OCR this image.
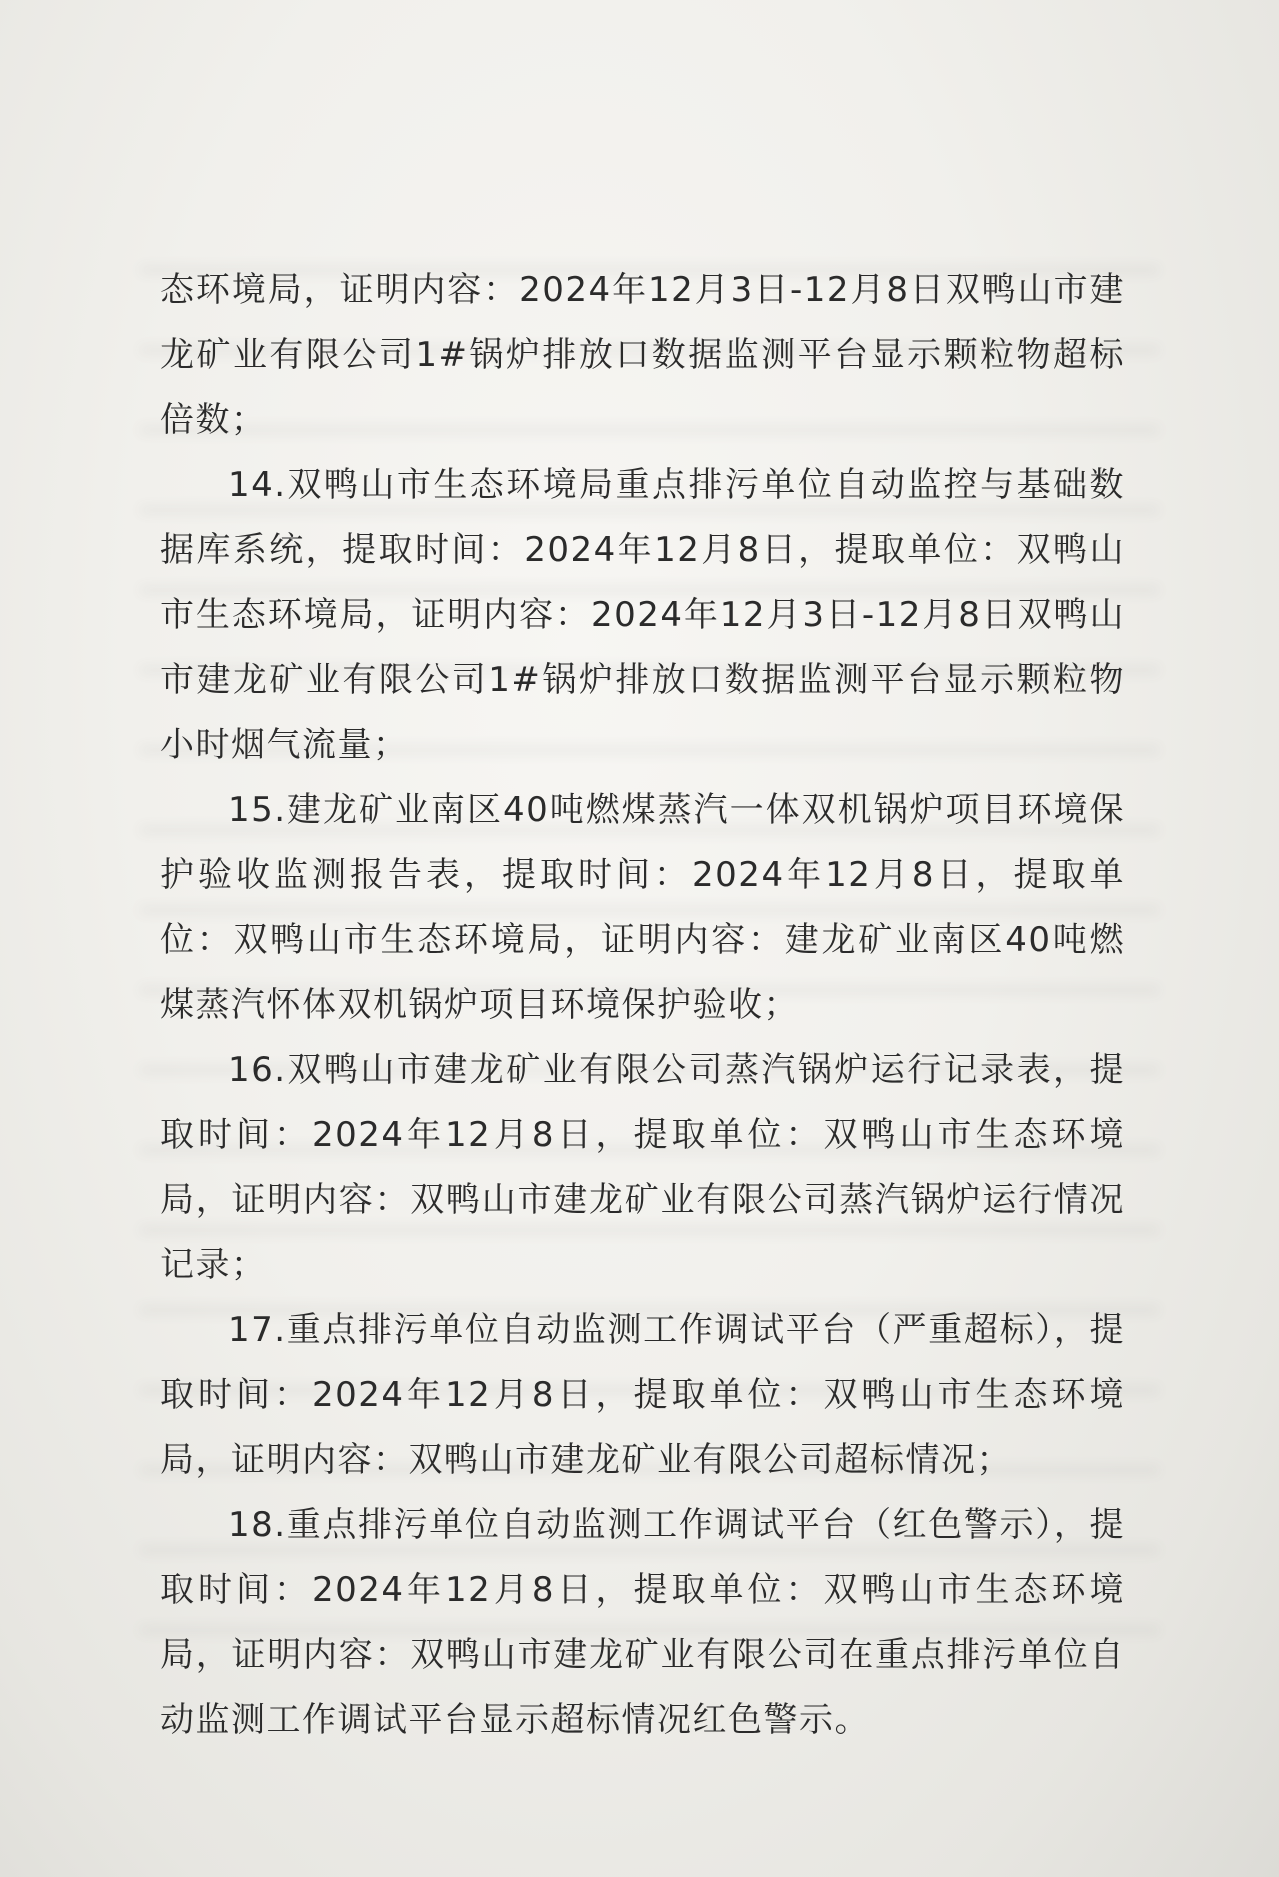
态环境局，证明内容：2024年12月3日-12月8日双鸭山市建龙矿业有限公司1#锅炉排放口数据监测平台显示颗粒物超标倍数；

14.双鸭山市生态环境局重点排污单位自动监控与基础数据库系统，提取时间：2024年12月8日，提取单位：双鸭山市生态环境局，证明内容：2024年12月3日-12月8日双鸭山市建龙矿业有限公司1#锅炉排放口数据监测平台显示颗粒物小时烟气流量；

15.建龙矿业南区40吨燃煤蒸汽一体双机锅炉项目环境保护验收监测报告表，提取时间：2024年12月8日，提取单位：双鸭山市生态环境局，证明内容：建龙矿业南区40吨燃煤蒸汽怀体双机锅炉项目环境保护验收；

16.双鸭山市建龙矿业有限公司蒸汽锅炉运行记录表，提取时间：2024年12月8日，提取单位：双鸭山市生态环境局，证明内容：双鸭山市建龙矿业有限公司蒸汽锅炉运行情况记录；

17.重点排污单位自动监测工作调试平台（严重超标），提取时间：2024年12月8日，提取单位：双鸭山市生态环境局，证明内容：双鸭山市建龙矿业有限公司超标情况；

18.重点排污单位自动监测工作调试平台（红色警示），提取时间：2024年12月8日，提取单位：双鸭山市生态环境局，证明内容：双鸭山市建龙矿业有限公司在重点排污单位自动监测工作调试平台显示超标情况红色警示。
